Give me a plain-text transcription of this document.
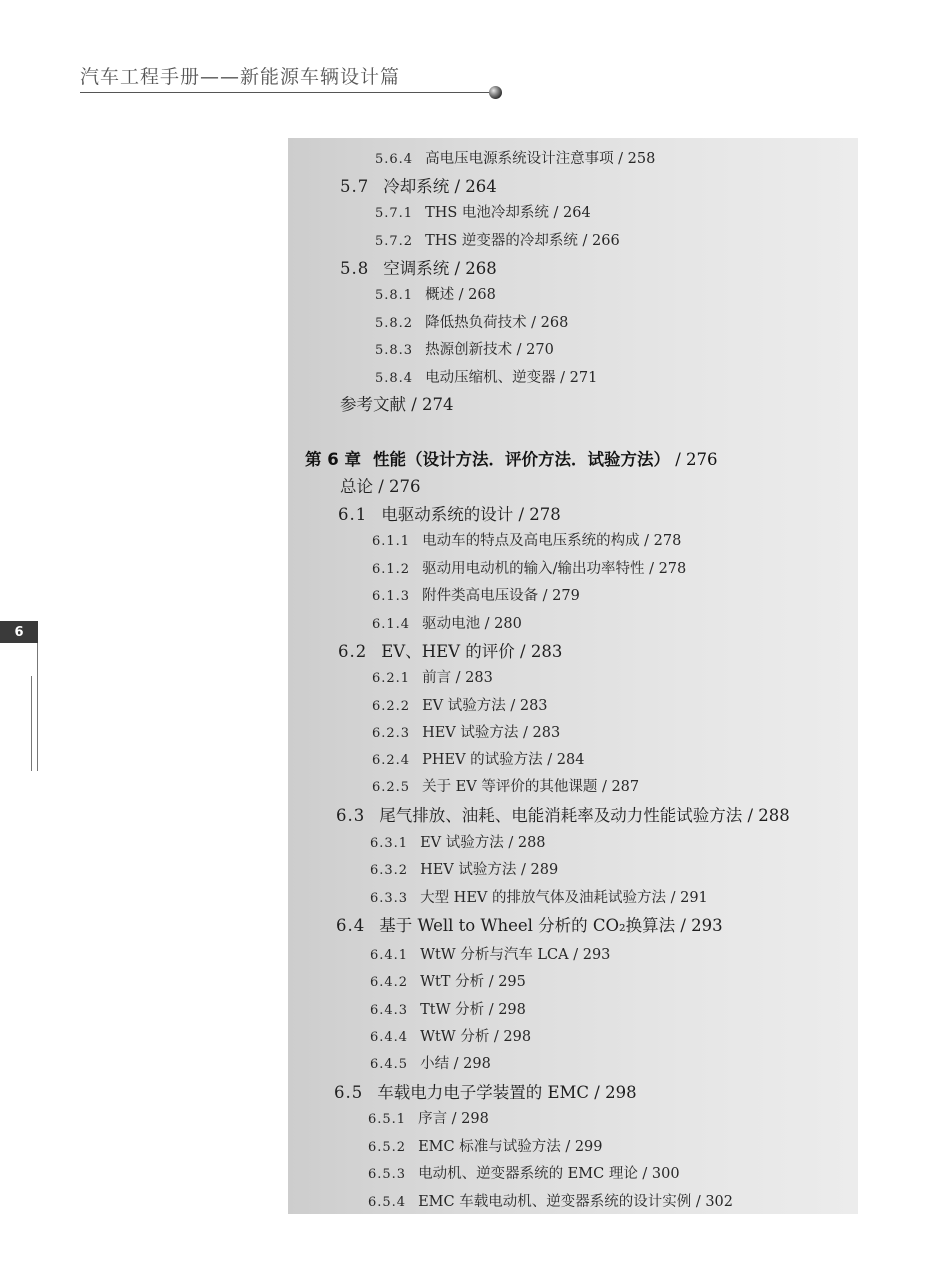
汽车工程手册——新能源车辆设计篇
5.6.4 高电压电源系统设计注意事项 / 258
5.7 冷却系统 / 264
5.7.1 THS 电池冷却系统 / 264
5.7.2 THS 逆变器的冷却系统 / 266
5.8 空调系统 / 268
5.8.1 概述 / 268
5.8.2 降低热负荷技术 / 268
5.8.3 热源创新技术 / 270
5.8.4 电动压缩机、逆变器 / 271
参考文献 / 274
第 6 章 性能（设计方法．评价方法．试验方法） / 276
总论 / 276
6.1 电驱动系统的设计 / 278
6.1.1 电动车的特点及高电压系统的构成 / 278
6.1.2 驱动用电动机的输入/输出功率特性 / 278
6.1.3 附件类高电压设备 / 279
6.1.4 驱动电池 / 280
6.2 EV、HEV 的评价 / 283
6.2.1 前言 / 283
6.2.2 EV 试验方法 / 283
6.2.3 HEV 试验方法 / 283
6.2.4 PHEV 的试验方法 / 284
6.2.5 关于 EV 等评价的其他课题 / 287
6.3 尾气排放、油耗、电能消耗率及动力性能试验方法 / 288
6.3.1 EV 试验方法 / 288
6.3.2 HEV 试验方法 / 289
6.3.3 大型 HEV 的排放气体及油耗试验方法 / 291
6.4 基于 Well to Wheel 分析的 CO₂换算法 / 293
6.4.1 WtW 分析与汽车 LCA / 293
6.4.2 WtT 分析 / 295
6.4.3 TtW 分析 / 298
6.4.4 WtW 分析 / 298
6.4.5 小结 / 298
6.5 车载电力电子学装置的 EMC / 298
6.5.1 序言 / 298
6.5.2 EMC 标准与试验方法 / 299
6.5.3 电动机、逆变器系统的 EMC 理论 / 300
6.5.4 EMC 车载电动机、逆变器系统的设计实例 / 302
6
